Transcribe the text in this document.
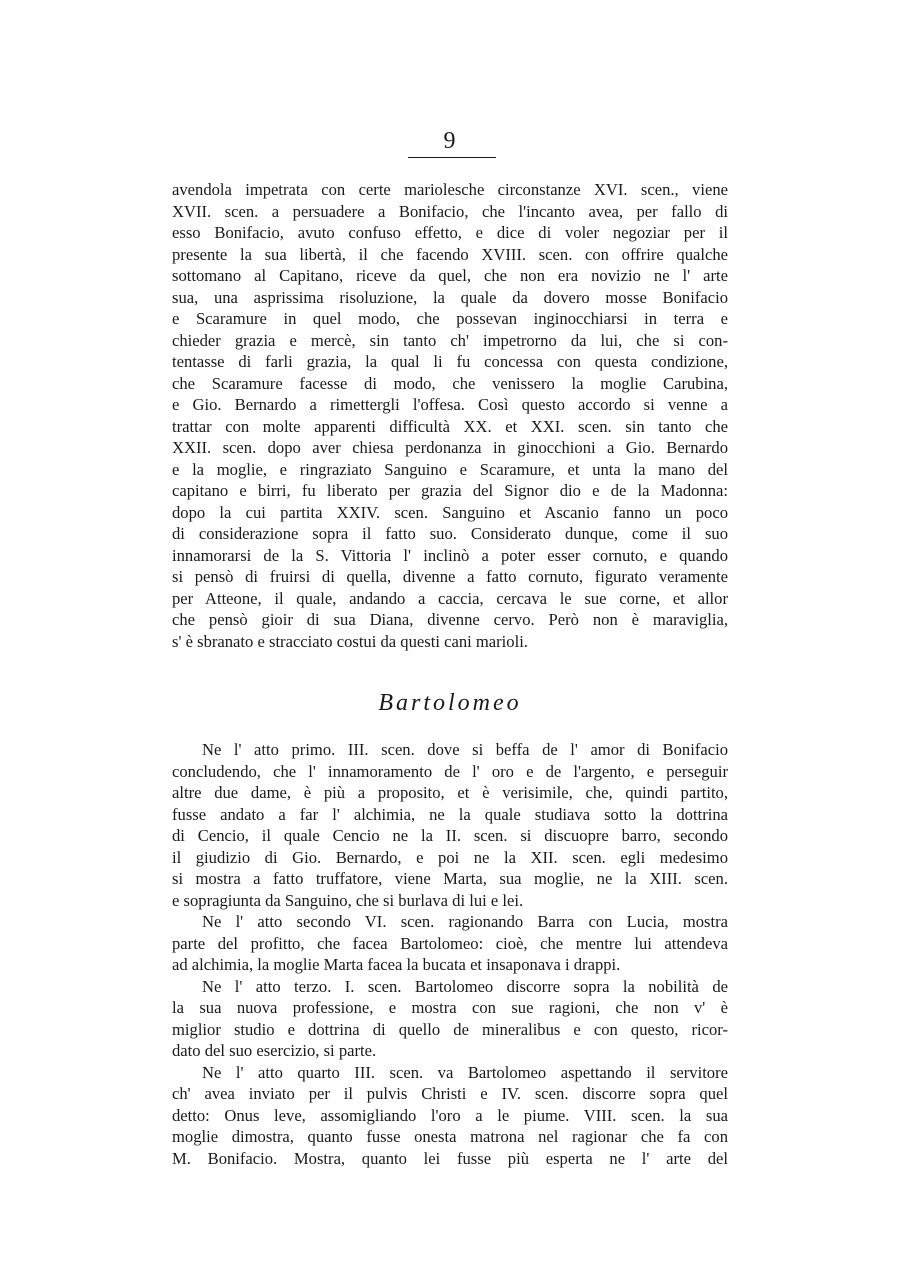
9
avendola impetrata con certe mariolesche circonstanze XVI. scen., viene
XVII. scen. a persuadere a Bonifacio, che l'incanto avea, per fallo di
esso Bonifacio, avuto confuso effetto, e dice di voler negoziar per il
presente la sua libertà, il che facendo XVIII. scen. con offrire qualche
sottomano al Capitano, riceve da quel, che non era novizio ne l' arte
sua, una asprissima risoluzione, la quale da dovero mosse Bonifacio
e Scaramure in quel modo, che possevan inginocchiarsi in terra e
chieder grazia e mercè, sin tanto ch' impetrorno da lui, che si con-
tentasse di farli grazia, la qual li fu concessa con questa condizione,
che Scaramure facesse di modo, che venissero la moglie Carubina,
e Gio. Bernardo a rimettergli l'offesa. Così questo accordo si venne a
trattar con molte apparenti difficultà XX. et XXI. scen. sin tanto che
XXII. scen. dopo aver chiesa perdonanza in ginocchioni a Gio. Bernardo
e la moglie, e ringraziato Sanguino e Scaramure, et unta la mano del
capitano e birri, fu liberato per grazia del Signor dio e de la Madonna:
dopo la cui partita XXIV. scen. Sanguino et Ascanio fanno un poco
di considerazione sopra il fatto suo. Considerato dunque, come il suo
innamorarsi de la S. Vittoria l' inclinò a poter esser cornuto, e quando
si pensò di fruirsi di quella, divenne a fatto cornuto, figurato veramente
per Atteone, il quale, andando a caccia, cercava le sue corne, et allor
che pensò gioir di sua Diana, divenne cervo. Però non è maraviglia,
s' è sbranato e stracciato costui da questi cani marioli.
Bartolomeo
Ne l' atto primo. III. scen. dove si beffa de l' amor di Bonifacio
concludendo, che l' innamoramento de l' oro e de l'argento, e perseguir
altre due dame, è più a proposito, et è verisimile, che, quindi partito,
fusse andato a far l' alchimia, ne la quale studiava sotto la dottrina
di Cencio, il quale Cencio ne la II. scen. si discuopre barro, secondo
il giudizio di Gio. Bernardo, e poi ne la XII. scen. egli medesimo
si mostra a fatto truffatore, viene Marta, sua moglie, ne la XIII. scen.
e sopragiunta da Sanguino, che si burlava di lui e lei.
Ne l' atto secondo VI. scen. ragionando Barra con Lucia, mostra
parte del profitto, che facea Bartolomeo: cioè, che mentre lui attendeva
ad alchimia, la moglie Marta facea la bucata et insaponava i drappi.
Ne l' atto terzo. I. scen. Bartolomeo discorre sopra la nobilità de
la sua nuova professione, e mostra con sue ragioni, che non v' è
miglior studio e dottrina di quello de mineralibus e con questo, ricor-
dato del suo esercizio, si parte.
Ne l' atto quarto III. scen. va Bartolomeo aspettando il servitore
ch' avea inviato per il pulvis Christi e IV. scen. discorre sopra quel
detto: Onus leve, assomigliando l'oro a le piume. VIII. scen. la sua
moglie dimostra, quanto fusse onesta matrona nel ragionar che fa con
M. Bonifacio. Mostra, quanto lei fusse più esperta ne l' arte del
